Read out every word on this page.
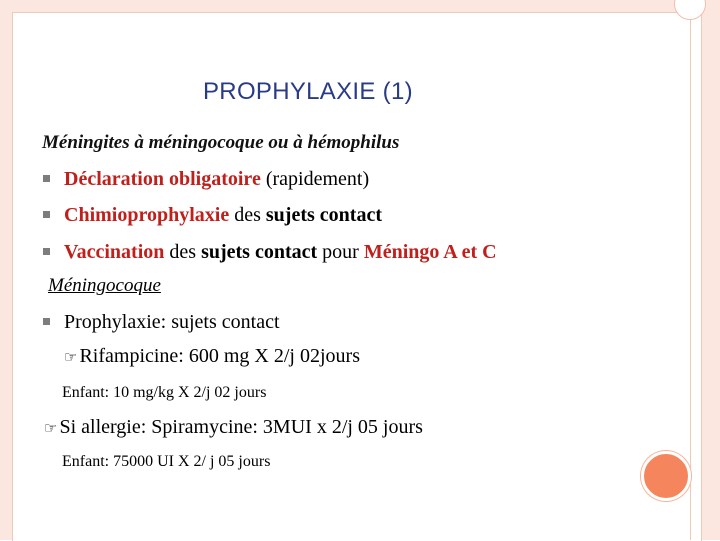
PROPHYLAXIE (1)
Méningites à méningocoque ou à hémophilus
Déclaration obligatoire (rapidement)
Chimioprophylaxie des sujets contact
Vaccination des sujets contact pour Méningo A et C
Méningocoque
Prophylaxie: sujets contact
☞ Rifampicine: 600 mg X 2/j 02jours
Enfant: 10 mg/kg X 2/j 02 jours
☞ Si allergie: Spiramycine: 3MUI x 2/j 05 jours
Enfant: 75000 UI X 2/ j 05 jours
